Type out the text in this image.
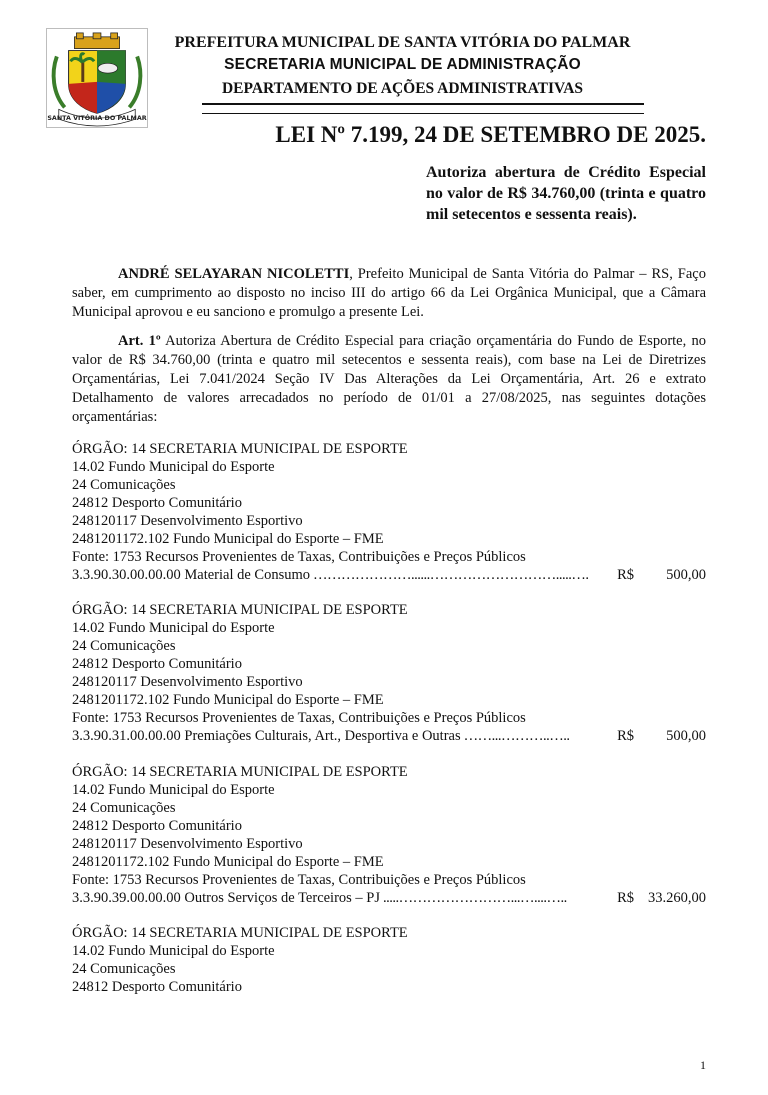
SANTA VITÓRIA DO PALMAR
PREFEITURA MUNICIPAL DE SANTA VITÓRIA DO PALMAR
SECRETARIA MUNICIPAL DE ADMINISTRAÇÃO
DEPARTAMENTO DE AÇÕES ADMINISTRATIVAS
LEI Nº 7.199, 24 DE SETEMBRO DE 2025.
Autoriza abertura de Crédito Especial no valor de R$ 34.760,00 (trinta e quatro mil setecentos e sessenta reais).
ANDRÉ SELAYARAN NICOLETTI, Prefeito Municipal de Santa Vitória do Palmar – RS, Faço saber, em cumprimento ao disposto no inciso III do artigo 66 da Lei Orgânica Municipal, que a Câmara Municipal aprovou e eu sanciono e promulgo a presente Lei.
Art. 1º Autoriza Abertura de Crédito Especial para criação orçamentária do Fundo de Esporte, no valor de R$ 34.760,00 (trinta e quatro mil setecentos e sessenta reais), com base na Lei de Diretrizes Orçamentárias, Lei 7.041/2024 Seção IV Das Alterações da Lei Orçamentária, Art. 26 e extrato Detalhamento de valores arrecadados no período de 01/01 a 27/08/2025, nas seguintes dotações orçamentárias:
ÓRGÃO: 14 SECRETARIA MUNICIPAL DE ESPORTE
14.02 Fundo Municipal do Esporte
24 Comunicações
24812 Desporto Comunitário
248120117 Desenvolvimento Esportivo
2481201172.102 Fundo Municipal do Esporte – FME
Fonte: 1753 Recursos Provenientes de Taxas, Contribuições e Preços Públicos
3.3.90.30.00.00.00 Material de Consumo …………………......……………………….....….	R$	500,00
ÓRGÃO: 14 SECRETARIA MUNICIPAL DE ESPORTE
14.02 Fundo Municipal do Esporte
24 Comunicações
24812 Desporto Comunitário
248120117 Desenvolvimento Esportivo
2481201172.102 Fundo Municipal do Esporte – FME
Fonte: 1753 Recursos Provenientes de Taxas, Contribuições e Preços Públicos
3.3.90.31.00.00.00 Premiações Culturais, Art., Desportiva e Outras ……...………..…..	R$	500,00
ÓRGÃO: 14 SECRETARIA MUNICIPAL DE ESPORTE
14.02 Fundo Municipal do Esporte
24 Comunicações
24812 Desporto Comunitário
248120117 Desenvolvimento Esportivo
2481201172.102 Fundo Municipal do Esporte – FME
Fonte: 1753 Recursos Provenientes de Taxas, Contribuições e Preços Públicos
3.3.90.39.00.00.00 Outros Serviços de Terceiros – PJ .....……………………...…....…..	R$ 33.260,00
ÓRGÃO: 14 SECRETARIA MUNICIPAL DE ESPORTE
14.02 Fundo Municipal do Esporte
24 Comunicações
24812 Desporto Comunitário
1
